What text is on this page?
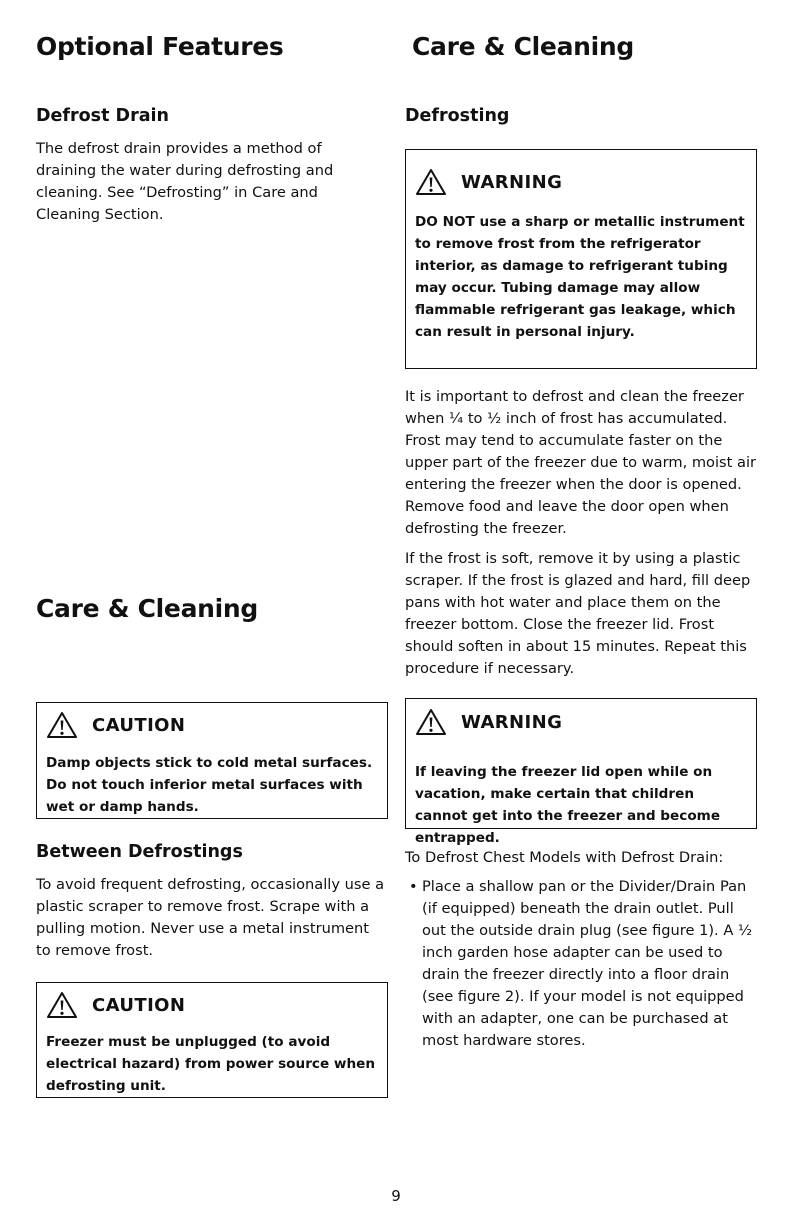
Optional Features
Defrost Drain

The defrost drain provides a method of draining the water during defrosting and cleaning. See “Defrosting” in Care and Cleaning Section.

Care & Cleaning
CAUTION

Damp objects stick to cold metal surfaces. Do not touch inferior metal surfaces with wet or damp hands.

Between Defrostings

To avoid frequent defrosting, occasionally use a plastic scraper to remove frost. Scrape with a pulling motion. Never use a metal instrument to remove frost.

CAUTION

Freezer must be unplugged (to avoid electrical hazard) from power source when defrosting unit.

Care & Cleaning
Defrosting
WARNING

DO NOT use a sharp or metallic instrument to remove frost from the refrigerator interior, as damage to refrigerant tubing may occur. Tubing damage may allow flammable refrigerant gas leakage, which can result in personal injury.

It is important to defrost and clean the freezer when ¼ to ½ inch of frost has accumulated. Frost may tend to accumulate faster on the upper part of the freezer due to warm, moist air entering the freezer when the door is opened. Remove food and leave the door open when defrosting the freezer.

If the frost is soft, remove it by using a plastic scraper. If the frost is glazed and hard, fill deep pans with hot water and place them on the freezer bottom. Close the freezer lid. Frost should soften in about 15 minutes. Repeat this procedure if necessary.

WARNING

If leaving the freezer lid open while on vacation, make certain that children cannot get into the freezer and become entrapped.

To Defrost Chest Models with Defrost Drain:

• Place a shallow pan or the Divider/Drain Pan (if equipped) beneath the drain outlet. Pull out the outside drain plug (see figure 1). A ½ inch garden hose adapter can be used to drain the freezer directly into a floor drain (see figure 2). If your model is not equipped with an adapter, one can be purchased at most hardware stores.
9
